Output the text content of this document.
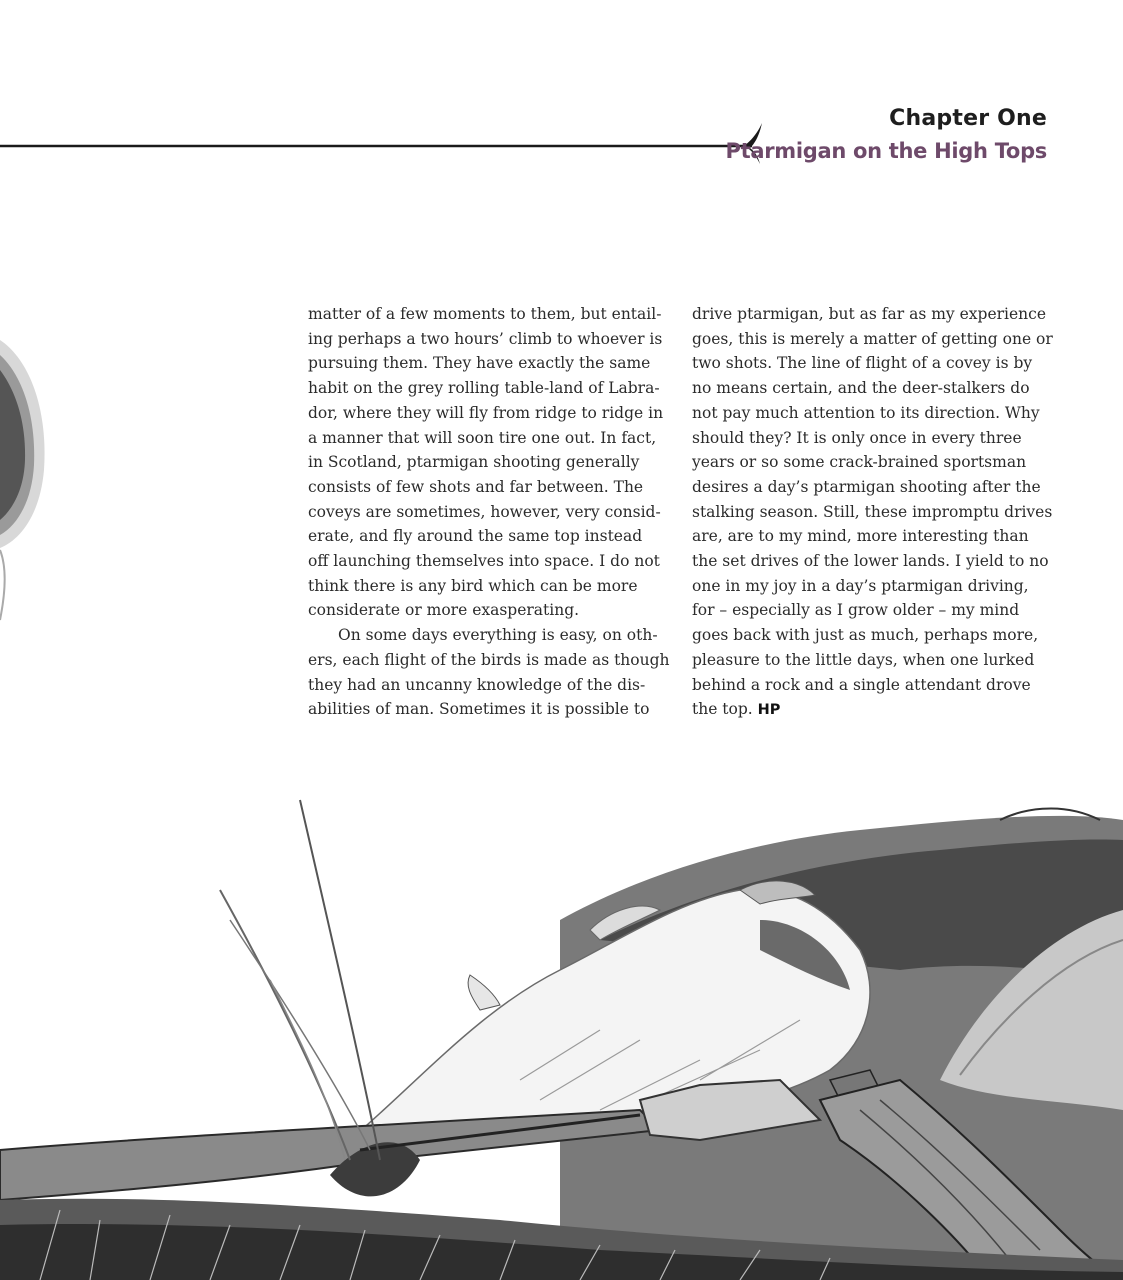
Chapter One
Ptarmigan on the High Tops
matter of a few moments to them, but entail-
ing perhaps a two hours’ climb to whoever is
pursuing them. They have exactly the same
habit on the grey rolling table-land of Labra-
dor, where they will fly from ridge to ridge in
a manner that will soon tire one out. In fact,
in Scotland, ptarmigan shooting generally
consists of few shots and far between. The
coveys are sometimes, however, very consid-
erate, and fly around the same top instead
off launching themselves into space. I do not
think there is any bird which can be more
considerate or more exasperating.
On some days everything is easy, on oth-
ers, each flight of the birds is made as though
they had an uncanny knowledge of the dis-
abilities of man. Sometimes it is possible to
drive ptarmigan, but as far as my experience
goes, this is merely a matter of getting one or
two shots. The line of flight of a covey is by
no means certain, and the deer-stalkers do
not pay much attention to its direction. Why
should they? It is only once in every three
years or so some crack-brained sportsman
desires a day’s ptarmigan shooting after the
stalking season. Still, these impromptu drives
are, are to my mind, more interesting than
the set drives of the lower lands. I yield to no
one in my joy in a day’s ptarmigan driving,
for – especially as I grow older – my mind
goes back with just as much, perhaps more,
pleasure to the little days, when one lurked
behind a rock and a single attendant drove
the top. HP
